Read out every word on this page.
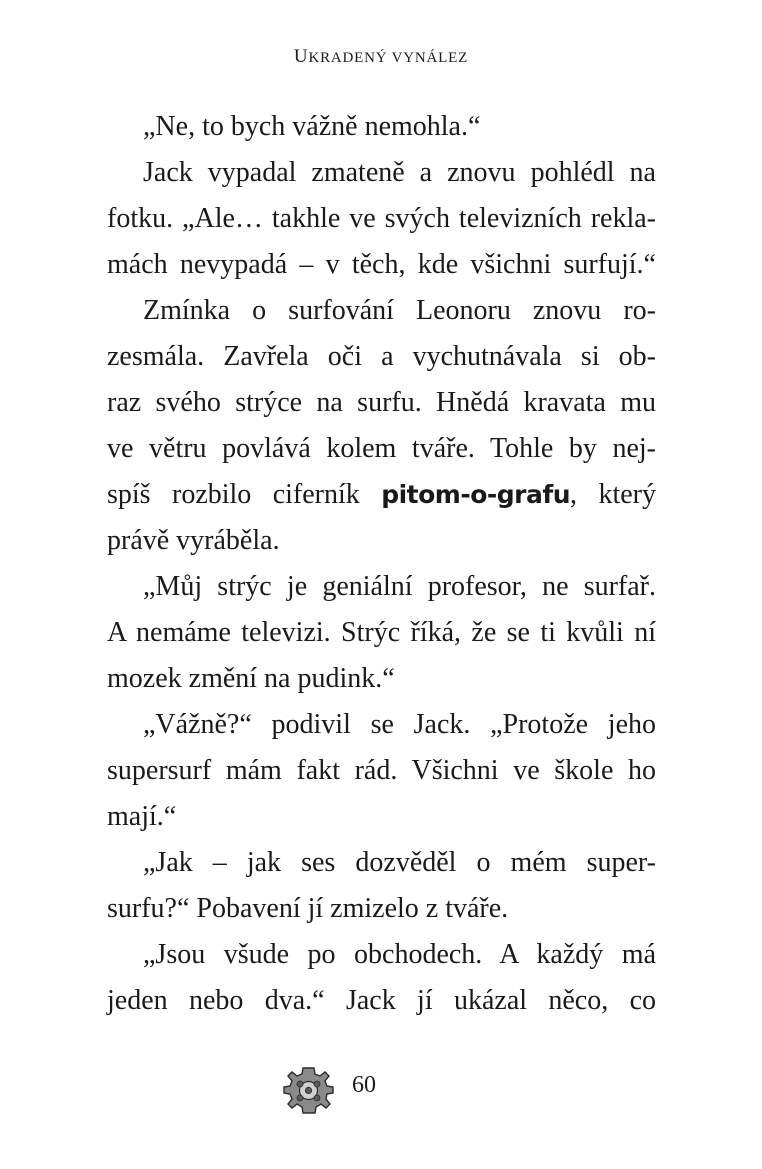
UKRADENÝ VYNÁLEZ

„Ne, to bych vážně nemohla.“

Jack vypadal zmateně a znovu pohlédl na
fotku. „Ale… takhle ve svých televizních rekla-
mách nevypadá – v těch, kde všichni surfují.“

Zmínka o surfování Leonoru znovu ro-
zesmála. Zavřela oči a vychutnávala si ob-
raz svého strýce na surfu. Hnědá kravata mu
ve větru povlává kolem tváře. Tohle by nej-
spíš rozbilo ciferník pitom-o-grafu, který
právě vyráběla.

„Můj strýc je geniální profesor, ne surfař.
A nemáme televizi. Strýc říká, že se ti kvůli ní
mozek změní na pudink.“

„Vážně?“ podivil se Jack. „Protože jeho
supersurf mám fakt rád. Všichni ve škole ho
mají.“

„Jak – jak ses dozvěděl o mém super-
surfu?“ Pobavení jí zmizelo z tváře.

„Jsou všude po obchodech. A každý má
jeden nebo dva.“ Jack jí ukázal něco, co

60
